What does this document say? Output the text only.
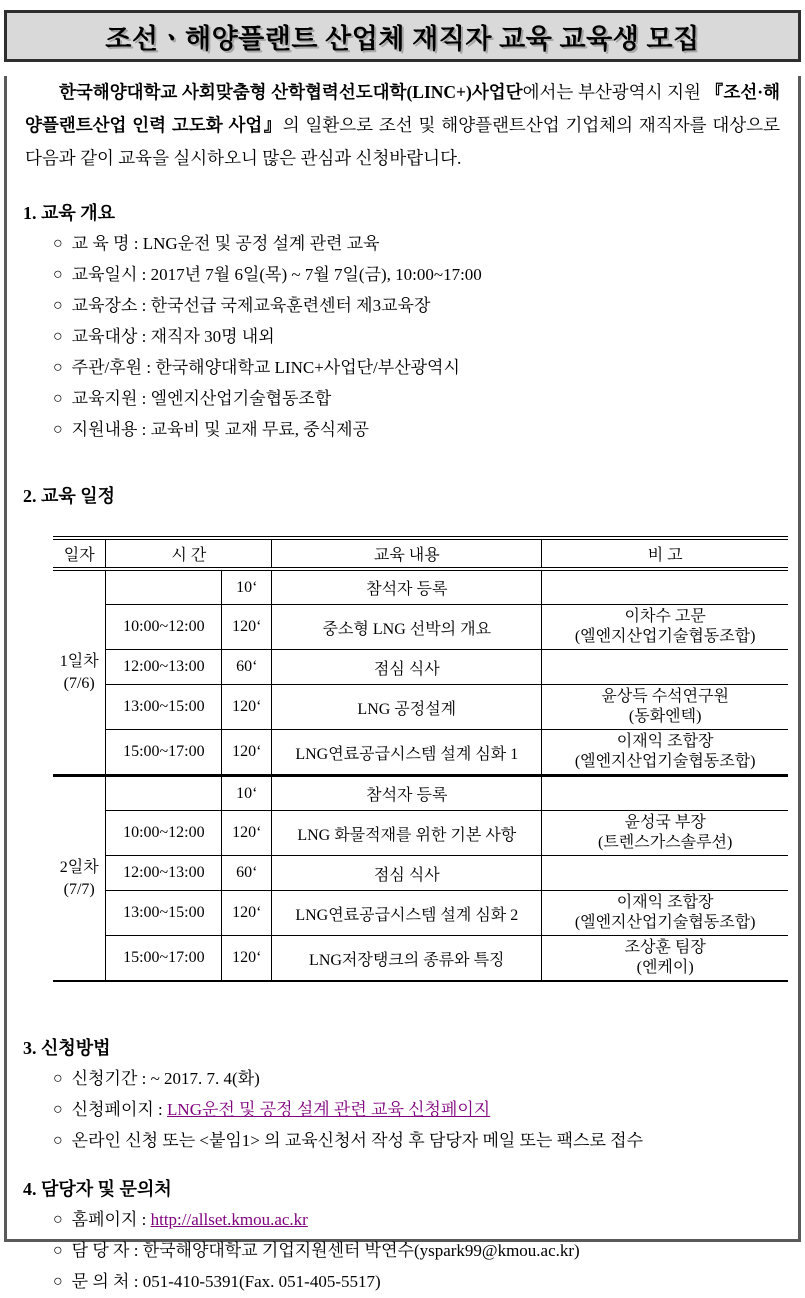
조선ㆍ해양플랜트 산업체 재직자 교육 교육생 모집

한국해양대학교 사회맞춤형 산학협력선도대학(LINC+)사업단에서는 부산광역시 지원 『조선·해양플랜트산업 인력 고도화 사업』의 일환으로 조선 및 해양플랜트산업 기업체의 재직자를 대상으로 다음과 같이 교육을 실시하오니 많은 관심과 신청바랍니다.

1. 교육 개요
○ 교 육 명 : LNG운전 및 공정 설계 관련 교육
○ 교육일시 : 2017년 7월 6일(목) ~ 7월 7일(금), 10:00~17:00
○ 교육장소 : 한국선급 국제교육훈련센터 제3교육장
○ 교육대상 : 재직자 30명 내외
○ 주관/후원 : 한국해양대학교 LINC+사업단/부산광역시
○ 교육지원 : 엘엔지산업기술협동조합
○ 지원내용 : 교육비 및 교재 무료, 중식제공
2. 교육 일정
일자	시 간		교육 내용	비 고

1일차
(7/6)		10‘	참석자 등록	

	10:00~12:00	120‘	중소형 LNG 선박의 개요	이차수 고문
(엘엔지산업기술협동조합)

	12:00~13:00	60‘	점심 식사	

	13:00~15:00	120‘	LNG 공정설계	윤상득 수석연구원
(동화엔텍)

	15:00~17:00	120‘	LNG연료공급시스템 설계 심화 1	이재익 조합장
(엘엔지산업기술협동조합)

2일차
(7/7)		10‘	참석자 등록	

	10:00~12:00	120‘	LNG 화물적재를 위한 기본 사항	윤성국 부장
(트렌스가스솔루션)

	12:00~13:00	60‘	점심 식사	

	13:00~15:00	120‘	LNG연료공급시스템 설계 심화 2	이재익 조합장
(엘엔지산업기술협동조합)

	15:00~17:00	120‘	LNG저장탱크의 종류와 특징	조상훈 팀장
(엔케이)
3. 신청방법
○ 신청기간 : ~ 2017. 7. 4(화)
○ 신청페이지 : LNG운전 및 공정 설계 관련 교육 신청페이지
○ 온라인 신청 또는 <붙임1> 의 교육신청서 작성 후 담당자 메일 또는 팩스로 접수
4. 담당자 및 문의처
○ 홈페이지 : http://allset.kmou.ac.kr
○ 담 당 자 : 한국해양대학교 기업지원센터 박연수(yspark99@kmou.ac.kr)
○ 문 의 처 : 051-410-5391(Fax. 051-405-5517)
